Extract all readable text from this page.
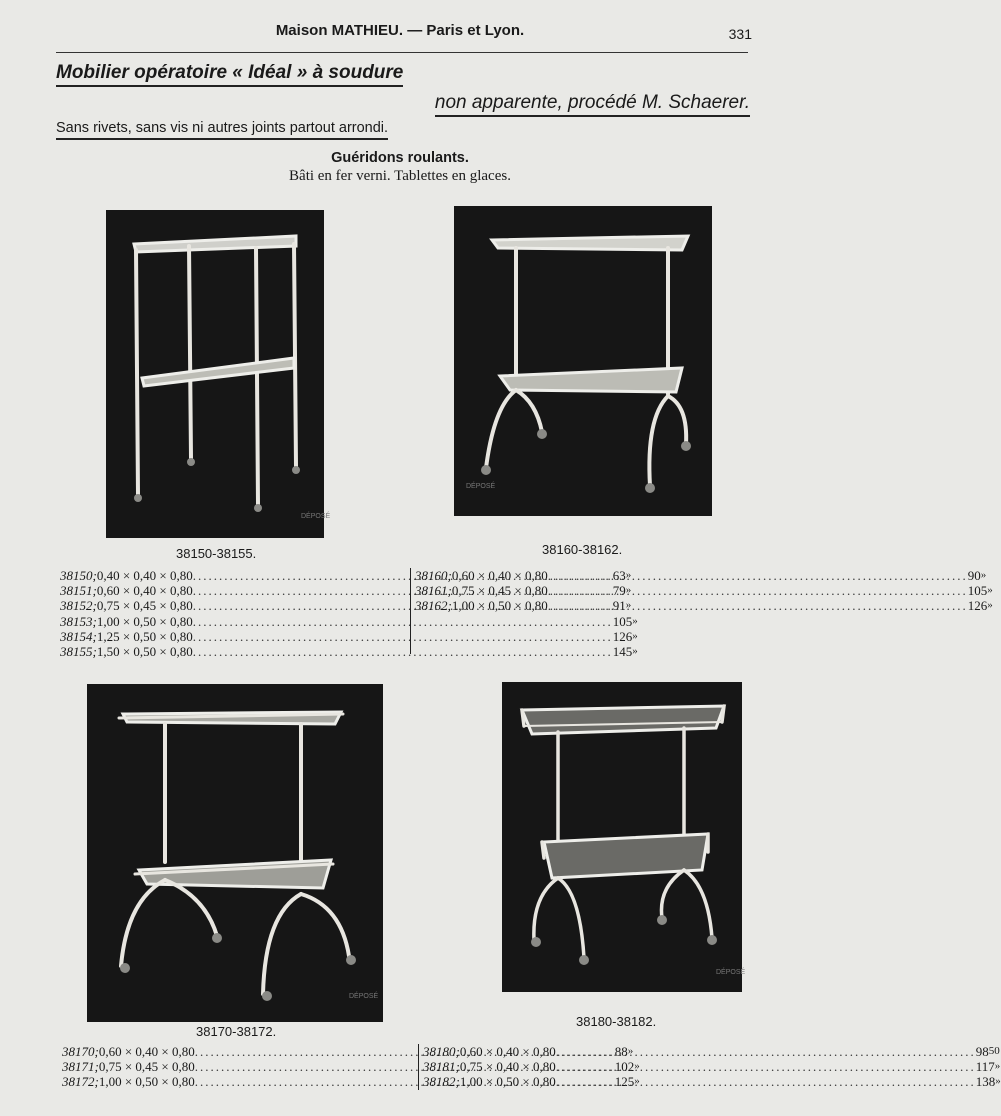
Maison MATHIEU. — Paris et Lyon.	331
Mobilier opératoire « Idéal » à soudure
non apparente, procédé M. Schaerer.
Sans rivets, sans vis ni autres joints partout arrondi.
Guéridons roulants.
Bâti en fer verni. Tablettes en glaces.
DÉPOSÉ
38150-38155.
DÉPOSÉ
38160-38162.
38150; 0,40 × 0,40 × 0,80 .....	63 »
38151; 0,60 × 0,40 × 0,80 .....	79 »
38152; 0,75 × 0,45 × 0,80 .....	91 »
38153; 1,00 × 0,50 × 0,80 .....	105 »
38154; 1,25 × 0,50 × 0,80 .....	126 »
38155; 1,50 × 0,50 × 0,80 .....	145 »
38160; 0,60 × 0,40 × 0,80 .....	90 »
38161; 0,75 × 0,45 × 0,80 .....	105 »
38162; 1,00 × 0,50 × 0,80 .....	126 »
DÉPOSÉ
38170-38172.
DÉPOSÉ
38180-38182.
38170; 0,60 × 0,40 × 0,80 .....	88 »
38171; 0,75 × 0,45 × 0,80 .....	102 »
38172; 1,00 × 0,50 × 0,80 .....	125 »
38180; 0,60 × 0,40 × 0,80 .....	98 50
38181; 0,75 × 0,40 × 0,80 .....	117 »
38182; 1,00 × 0,50 × 0,80 .....	138 »
